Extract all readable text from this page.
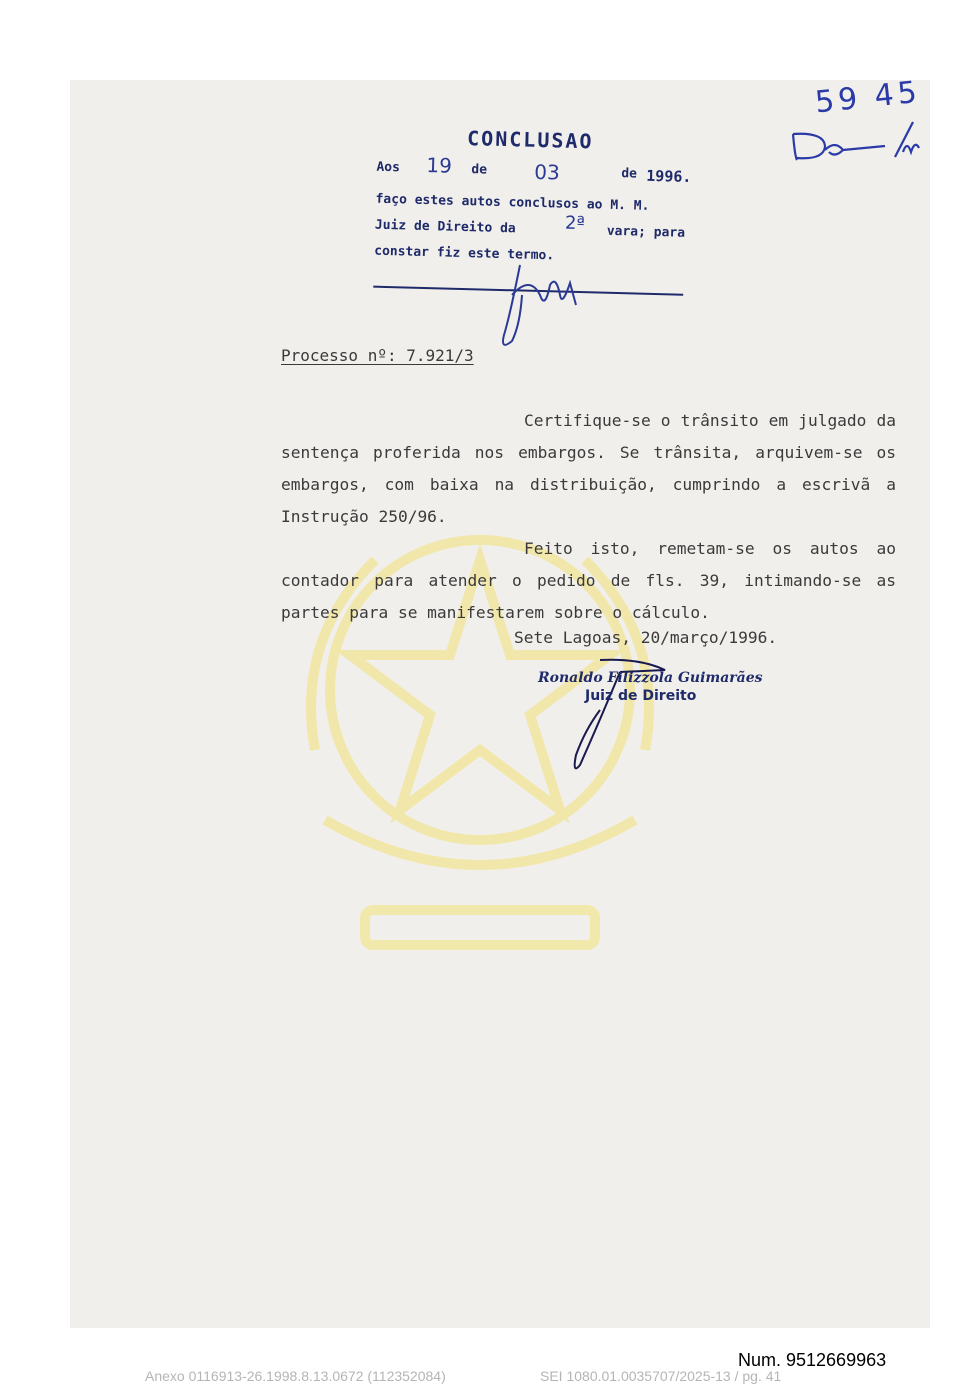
59 45
CONCLUSAO
Aos 19 de 03	de 1996.
faço estes autos conclusos ao M. M.
Juiz de Direito da	2ª vara; para
constar fiz este termo.
Processo nº: 7.921/3

Certifique-se o trânsito em julgado da sentença proferida nos embargos. Se trânsita, arquivem-se os embargos, com baixa na distribuição, cumprindo a escrivã a Instrução 250/96.

Feito isto, remetam-se os autos ao contador para atender o pedido de fls. 39, intimando-se as partes para se manifestarem sobre o cálculo.

Sete Lagoas, 20/março/1996.
Ronaldo Filizzola Guimarães
Juiz de Direito
Num. 9512669963
Anexo 0116913-26.1998.8.13.0672 (112352084)	SEI 1080.01.0035707/2025-13 / pg. 41
